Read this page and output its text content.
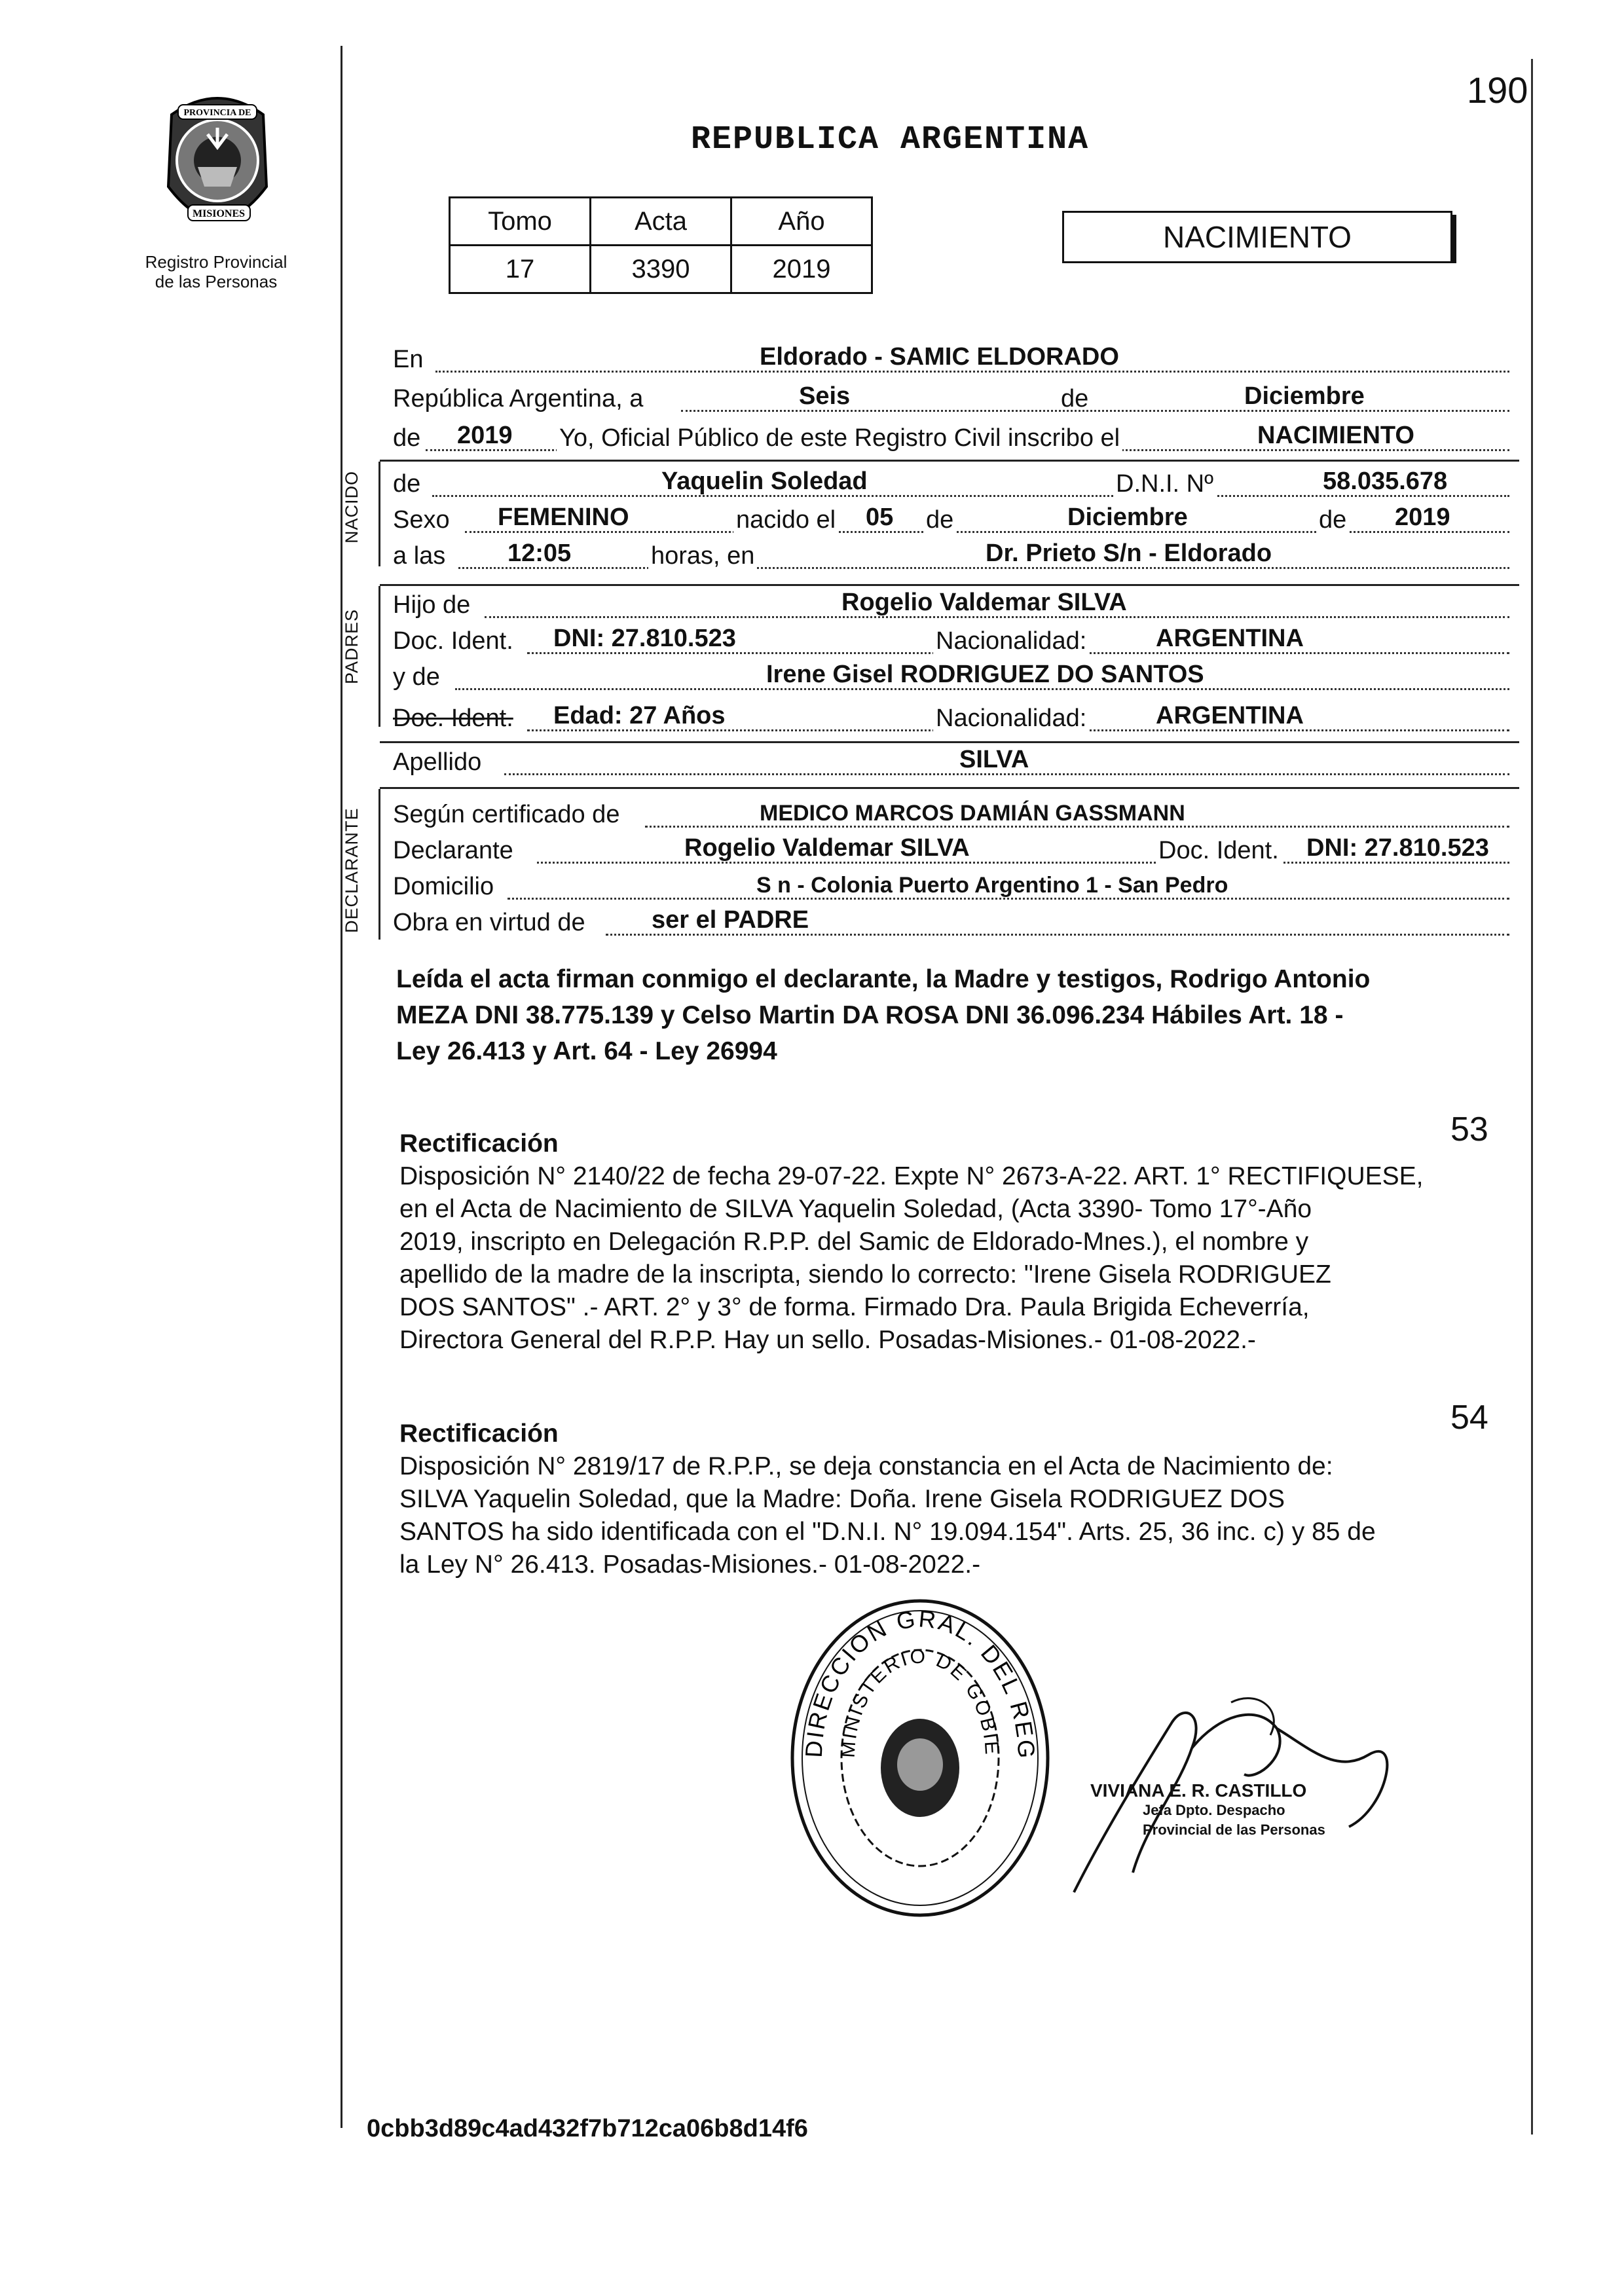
190
PROVINCIA DE
MISIONES
Registro Provincial
de las Personas
REPUBLICA ARGENTINA
Tomo	Acta	Año
17	3390	2019
NACIMIENTO
En	Eldorado - SAMIC ELDORADO
República Argentina, a	Seis	de	Diciembre
de 2019 Yo, Oficial Público de este Registro Civil inscribo el	NACIMIENTO
NACIDO de	Yaquelin Soledad	D.N.I. Nº	58.035.678
Sexo FEMENINO	nacido el 05 de	Diciembre	de 2019
a las 12:05	horas, en	Dr. Prieto S/n - Eldorado
PADRES
Hijo de	Rogelio Valdemar SILVA
Doc. Ident. DNI: 27.810.523	Nacionalidad:	ARGENTINA
y de	Irene Gisel RODRIGUEZ DO SANTOS
Doc. Ident. Edad: 27 Años	Nacionalidad:	ARGENTINA
Apellido	SILVA
DECLARANTE Según certificado de	MEDICO MARCOS DAMIÁN GASSMANN
Declarante	Rogelio Valdemar SILVA	Doc. Ident. DNI: 27.810.523
Domicilio	S n - Colonia Puerto Argentino 1 - San Pedro
Obra en virtud de	ser el PADRE
Leída el acta firman conmigo el declarante, la Madre y testigos, Rodrigo Antonio
MEZA DNI 38.775.139 y Celso Martin DA ROSA DNI 36.096.234 Hábiles Art. 18 -
Ley 26.413 y Art. 64 - Ley 26994
53
Rectificación
Disposición N° 2140/22 de fecha 29-07-22. Expte N° 2673-A-22. ART. 1° RECTIFIQUESE,
en el Acta de Nacimiento de SILVA Yaquelin Soledad, (Acta 3390- Tomo 17°-Año
2019, inscripto en Delegación R.P.P. del Samic de Eldorado-Mnes.), el nombre y
apellido de la madre de la inscripta, siendo lo correcto: "Irene Gisela RODRIGUEZ
DOS SANTOS" .- ART. 2° y 3° de forma. Firmado Dra. Paula Brigida Echeverría,
Directora General del R.P.P. Hay un sello. Posadas-Misiones.- 01-08-2022.-
54
Rectificación
Disposición N° 2819/17 de R.P.P., se deja constancia en el Acta de Nacimiento de:
SILVA Yaquelin Soledad, que la Madre: Doña. Irene Gisela RODRIGUEZ DOS
SANTOS ha sido identificada con el "D.N.I. N° 19.094.154". Arts. 25, 36 inc. c) y 85 de
la Ley N° 26.413. Posadas-Misiones.- 01-08-2022.-
DIRECCION GRAL. DEL REG
MINISTERIO DE GOBIE
VIVIANA E. R. CASTILLO
Jefa Dpto. Despacho
Provincial de las Personas
0cbb3d89c4ad432f7b712ca06b8d14f6
